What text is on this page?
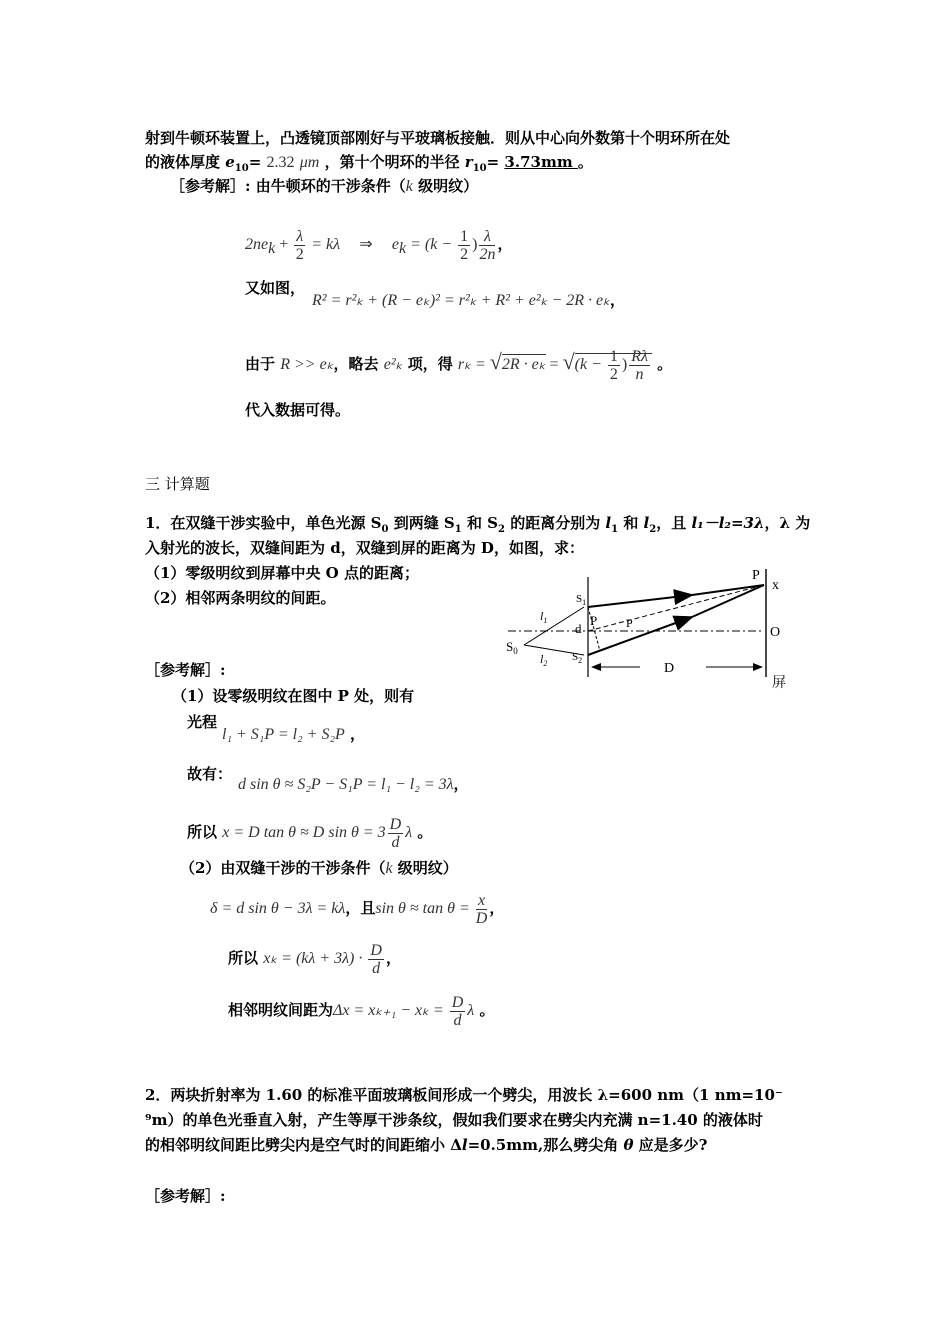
射到牛顿环装置上，凸透镜顶部刚好与平玻璃板接触．则从中心向外数第十个明环所在处
的液体厚度 $e_{10}= 2.32$ μm ，第十个明环的半径 $r_{10}= 3.73mm$ 。
［参考解］: 由牛顿环的干涉条件（k 级明纹）
$2ne_k + \frac{\lambda}{2} = k\lambda$ ⇒ $e_k = (k - \frac{1}{2}$ ) $\frac{\lambda}{2n}$ ，
又如图，
R² = r²ₖ + (R − eₖ)² = r²ₖ + R² + e²ₖ − 2R · eₖ，
由于 R >> eₖ，略去 e²ₖ 项，得 $r_k = √2R \cdot e_k = √(k - \frac{1}{2}$ ) $\frac{R\lambda}{n}$ 。
代入数据可得。
三 计算题
1．在双缝干涉实验中，单色光源 $S_0$ 到两缝 $S_1$ 和 $S_2$ 的距离分别为 $l_1$ 和 $l_2$，且 l₁－l₂=3λ，λ 为
入射光的波长，双缝间距为 d，双缝到屏的距离为 D，如图，求：
（1）零级明纹到屏幕中央 O 点的距离；
（2）相邻两条明纹的间距。
P
x
$S_1$
$l_1$
d
P P
O
$S_0$
$l_2$
$S_2$
D
屏
［参考解］:
（1）设零级明纹在图中 P 处，则有
光程
l₁ + S₁P = l₂ + S₂P ，
故有：
d sin θ ≈ S₂P − S₁P = l₁ − l₂ = 3λ，
所以 x = D tan θ ≈ D $\sin \theta = 3 \frac{D}{d}$ λ 。
（2）由双缝干涉的干涉条件（k 级明纹）
δ = d sin θ − 3λ = kλ，且$\sin \theta \approx \tan \theta = \frac{x}{D}$ ，
所以 $x_k = (k\lambda + 3\lambda) \cdot \frac{D}{d}$ ，
相邻明纹间距为$\Delta x = x_{k+1} - x_k = \frac{D}{d}$ λ 。
2．两块折射率为 1.60 的标准平面玻璃板间形成一个劈尖，用波长 λ=600 nm（1 nm=10⁻
⁹m）的单色光垂直入射，产生等厚干涉条纹，假如我们要求在劈尖内充满 n=1.40 的液体时
的相邻明纹间距比劈尖内是空气时的间距缩小 Δl=0.5mm,那么劈尖角 θ 应是多少?
［参考解］:
